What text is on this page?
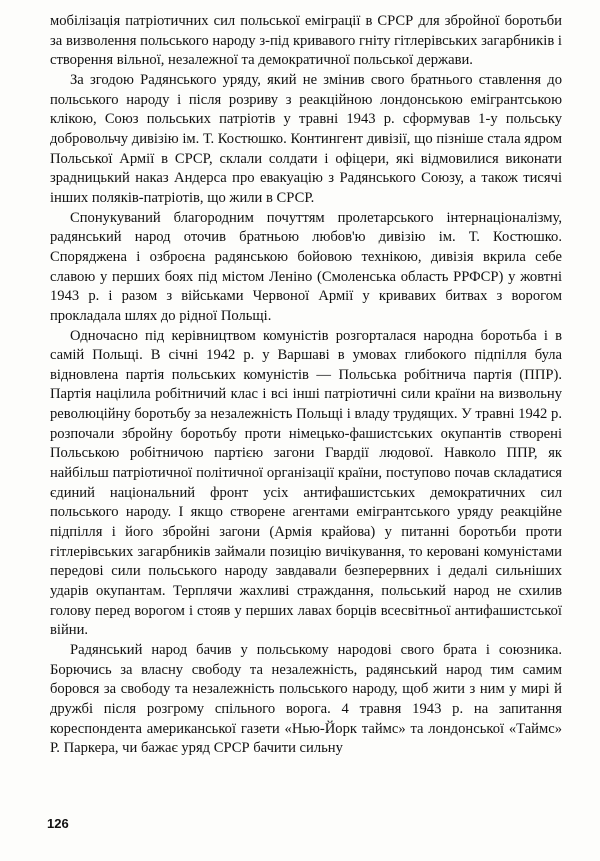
мобілізація патріотичних сил польської еміграції в СРСР для збройної боротьби за визволення польського народу з-під кривавого гніту гітлерівських загарбників і створення вільної, незалежної та демократичної польської держави.

За згодою Радянського уряду, який не змінив свого братнього ставлення до польського народу і після розриву з реакційною лондонською емігрантською клікою, Союз польських патріотів у травні 1943 р. сформував 1-у польську добровольчу дивізію ім. Т. Костюшко. Контингент дивізії, що пізніше стала ядром Польської Армії в СРСР, склали солдати і офіцери, які відмовилися виконати зрадницький наказ Андерса про евакуацію з Радянського Союзу, а також тисячі інших поляків-патріотів, що жили в СРСР.

Спонукуваний благородним почуттям пролетарського інтернаціоналізму, радянський народ оточив братньою любов'ю дивізію ім. Т. Костюшко. Споряджена і озброєна радянською бойовою технікою, дивізія вкрила себе славою у перших боях під містом Леніно (Смоленська область РРФСР) у жовтні 1943 р. і разом з військами Червоної Армії у кривавих битвах з ворогом прокладала шлях до рідної Польщі.

Одночасно під керівництвом комуністів розгорталася народна боротьба і в самій Польщі. В січні 1942 р. у Варшаві в умовах глибокого підпілля була відновлена партія польських комуністів — Польська робітнича партія (ППР). Партія націлила робітничий клас і всі інші патріотичні сили країни на визвольну революційну боротьбу за незалежність Польщі і владу трудящих. У травні 1942 р. розпочали збройну боротьбу проти німецько-фашистських окупантів створені Польською робітничою партією загони Гвардії людової. Навколо ППР, як найбільш патріотичної політичної організації країни, поступово почав складатися єдиний національний фронт усіх антифашистських демократичних сил польського народу. І якщо створене агентами емігрантського уряду реакційне підпілля і його збройні загони (Армія крайова) у питанні боротьби проти гітлерівських загарбників займали позицію вичікування, то керовані комуністами передові сили польського народу завдавали безперервних і дедалі сильніших ударів окупантам. Терплячи жахливі страждання, польський народ не схилив голову перед ворогом і стояв у перших лавах борців всесвітньої антифашистської війни.

Радянський народ бачив у польському народові свого брата і союзника. Борючись за власну свободу та незалежність, радянський народ тим самим боровся за свободу та незалежність польського народу, щоб жити з ним у мирі й дружбі після розгрому спільного ворога. 4 травня 1943 р. на запитання кореспондента американської газети «Нью-Йорк таймс» та лондонської «Таймс» Р. Паркера, чи бажає уряд СРСР бачити сильну

126
